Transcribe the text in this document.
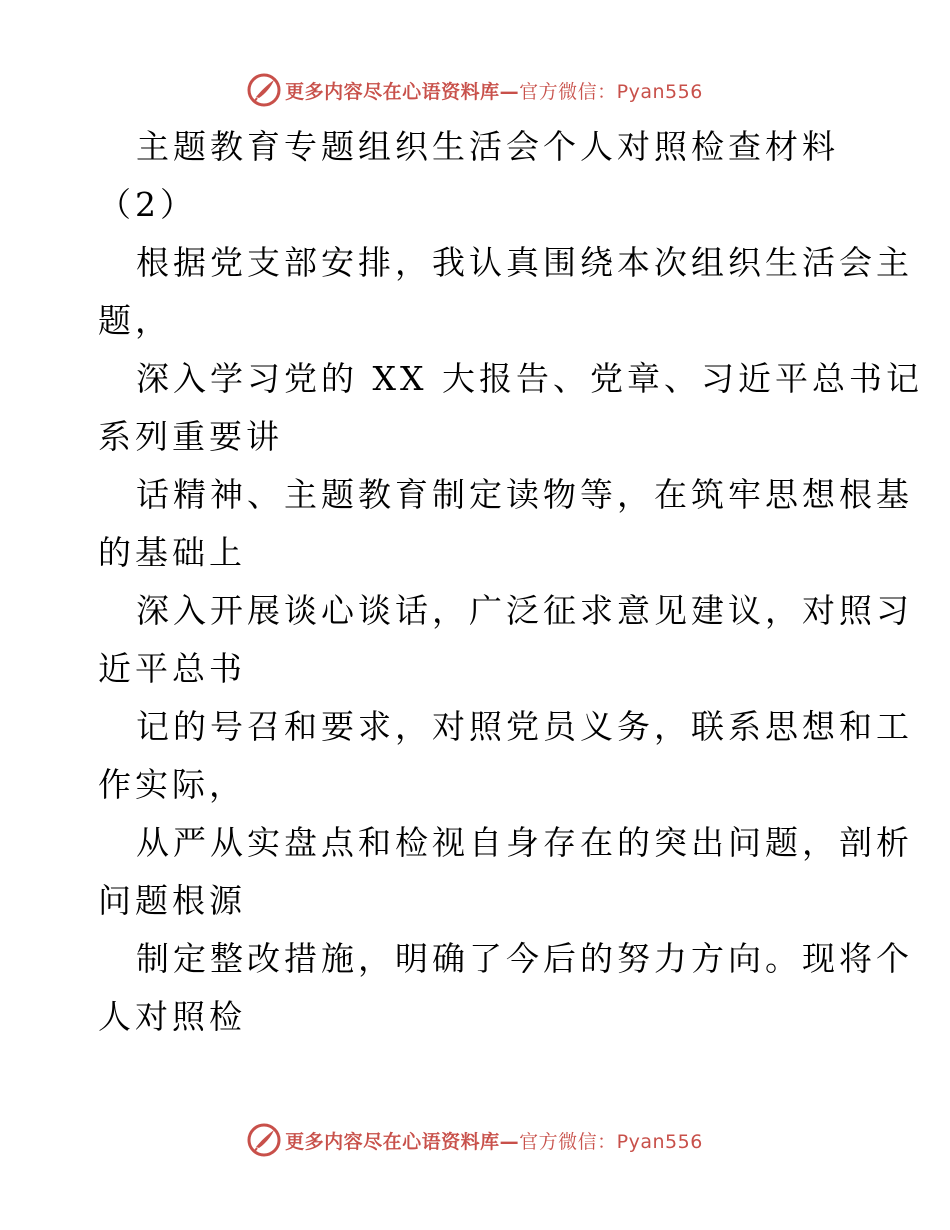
更多内容尽在心语资料库—官方微信：Pyan556
主题教育专题组织生活会个人对照检查材料
（2）
根据党支部安排，我认真围绕本次组织生活会主
题，
深入学习党的 XX 大报告、党章、习近平总书记
系列重要讲
话精神、主题教育制定读物等，在筑牢思想根基
的基础上
深入开展谈心谈话，广泛征求意见建议，对照习
近平总书
记的号召和要求，对照党员义务，联系思想和工
作实际，
从严从实盘点和检视自身存在的突出问题，剖析
问题根源
制定整改措施，明确了今后的努力方向。现将个
人对照检
更多内容尽在心语资料库—官方微信：Pyan556
